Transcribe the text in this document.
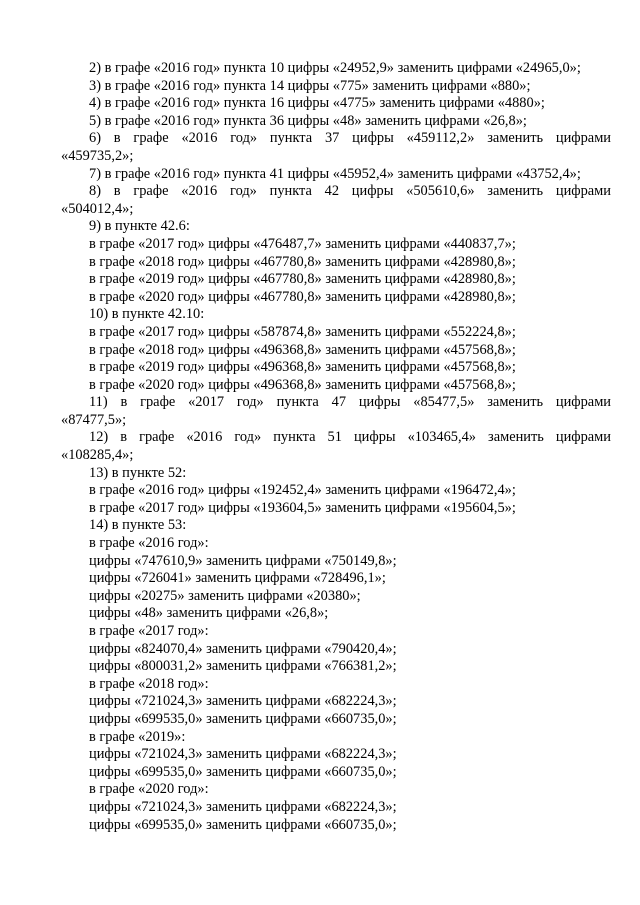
2) в графе «2016 год» пункта 10 цифры «24952,9» заменить цифрами «24965,0»;
3) в графе «2016 год» пункта 14 цифры «775» заменить цифрами «880»;
4) в графе «2016 год» пункта 16 цифры «4775» заменить цифрами «4880»;
5) в графе «2016 год» пункта 36 цифры «48» заменить цифрами «26,8»;
6) в графе «2016 год» пункта 37 цифры «459112,2» заменить цифрами
«459735,2»;
7) в графе «2016 год» пункта 41 цифры «45952,4» заменить цифрами «43752,4»;
8) в графе «2016 год» пункта 42 цифры «505610,6» заменить цифрами
«504012,4»;
9) в пункте 42.6:
в графе «2017 год» цифры «476487,7» заменить цифрами «440837,7»;
в графе «2018 год» цифры «467780,8» заменить цифрами «428980,8»;
в графе «2019 год» цифры «467780,8» заменить цифрами «428980,8»;
в графе «2020 год» цифры «467780,8» заменить цифрами «428980,8»;
10) в пункте 42.10:
в графе «2017 год» цифры «587874,8» заменить цифрами «552224,8»;
в графе «2018 год» цифры «496368,8» заменить цифрами «457568,8»;
в графе «2019 год» цифры «496368,8» заменить цифрами «457568,8»;
в графе «2020 год» цифры «496368,8» заменить цифрами «457568,8»;
11) в графе «2017 год» пункта 47 цифры «85477,5» заменить цифрами
«87477,5»;
12) в графе «2016 год» пункта 51 цифры «103465,4» заменить цифрами
«108285,4»;
13) в пункте 52:
в графе «2016 год» цифры «192452,4» заменить цифрами «196472,4»;
в графе «2017 год» цифры «193604,5» заменить цифрами «195604,5»;
14) в пункте 53:
в графе «2016 год»:
цифры «747610,9» заменить цифрами «750149,8»;
цифры «726041» заменить цифрами «728496,1»;
цифры «20275» заменить цифрами «20380»;
цифры «48» заменить цифрами «26,8»;
в графе «2017 год»:
цифры «824070,4» заменить цифрами «790420,4»;
цифры «800031,2» заменить цифрами «766381,2»;
в графе «2018 год»:
цифры «721024,3» заменить цифрами «682224,3»;
цифры «699535,0» заменить цифрами «660735,0»;
в графе «2019»:
цифры «721024,3» заменить цифрами «682224,3»;
цифры «699535,0» заменить цифрами «660735,0»;
в графе «2020 год»:
цифры «721024,3» заменить цифрами «682224,3»;
цифры «699535,0» заменить цифрами «660735,0»;
